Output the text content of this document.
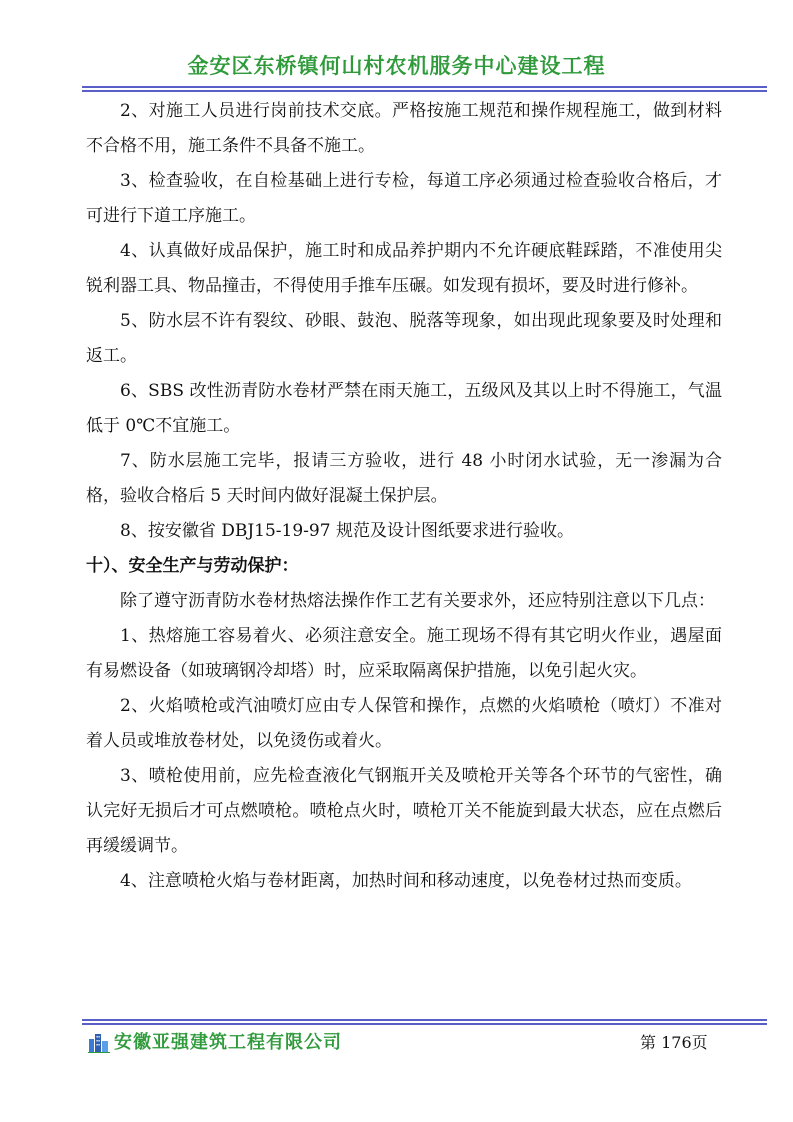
金安区东桥镇何山村农机服务中心建设工程

2、对施工人员进行岗前技术交底。严格按施工规范和操作规程施工，做到材料不合格不用，施工条件不具备不施工。

3、检查验收，在自检基础上进行专检，每道工序必须通过检查验收合格后，才可进行下道工序施工。

4、认真做好成品保护，施工时和成品养护期内不允许硬底鞋踩踏，不准使用尖锐利器工具、物品撞击，不得使用手推车压碾。如发现有损坏，要及时进行修补。

5、防水层不许有裂纹、砂眼、鼓泡、脱落等现象，如出现此现象要及时处理和返工。

6、SBS 改性沥青防水卷材严禁在雨天施工，五级风及其以上时不得施工，气温低于 0℃不宜施工。

7、防水层施工完毕，报请三方验收，进行 48 小时闭水试验，无一渗漏为合格，验收合格后 5 天时间内做好混凝土保护层。

8、按安徽省 DBJ15-19-97 规范及设计图纸要求进行验收。

十）、安全生产与劳动保护：

除了遵守沥青防水卷材热熔法操作作工艺有关要求外，还应特别注意以下几点：

1、热熔施工容易着火、必须注意安全。施工现场不得有其它明火作业，遇屋面有易燃设备（如玻璃钢冷却塔）时，应采取隔离保护措施，以免引起火灾。

2、火焰喷枪或汽油喷灯应由专人保管和操作，点燃的火焰喷枪（喷灯）不准对着人员或堆放卷材处，以免烫伤或着火。

3、喷枪使用前，应先检查液化气钢瓶开关及喷枪开关等各个环节的气密性，确认完好无损后才可点燃喷枪。喷枪点火时，喷枪丌关不能旋到最大状态，应在点燃后再缓缓调节。

4、注意喷枪火焰与卷材距离，加热时间和移动速度，以免卷材过热而变质。

安徽亚强建筑工程有限公司	第 176页
